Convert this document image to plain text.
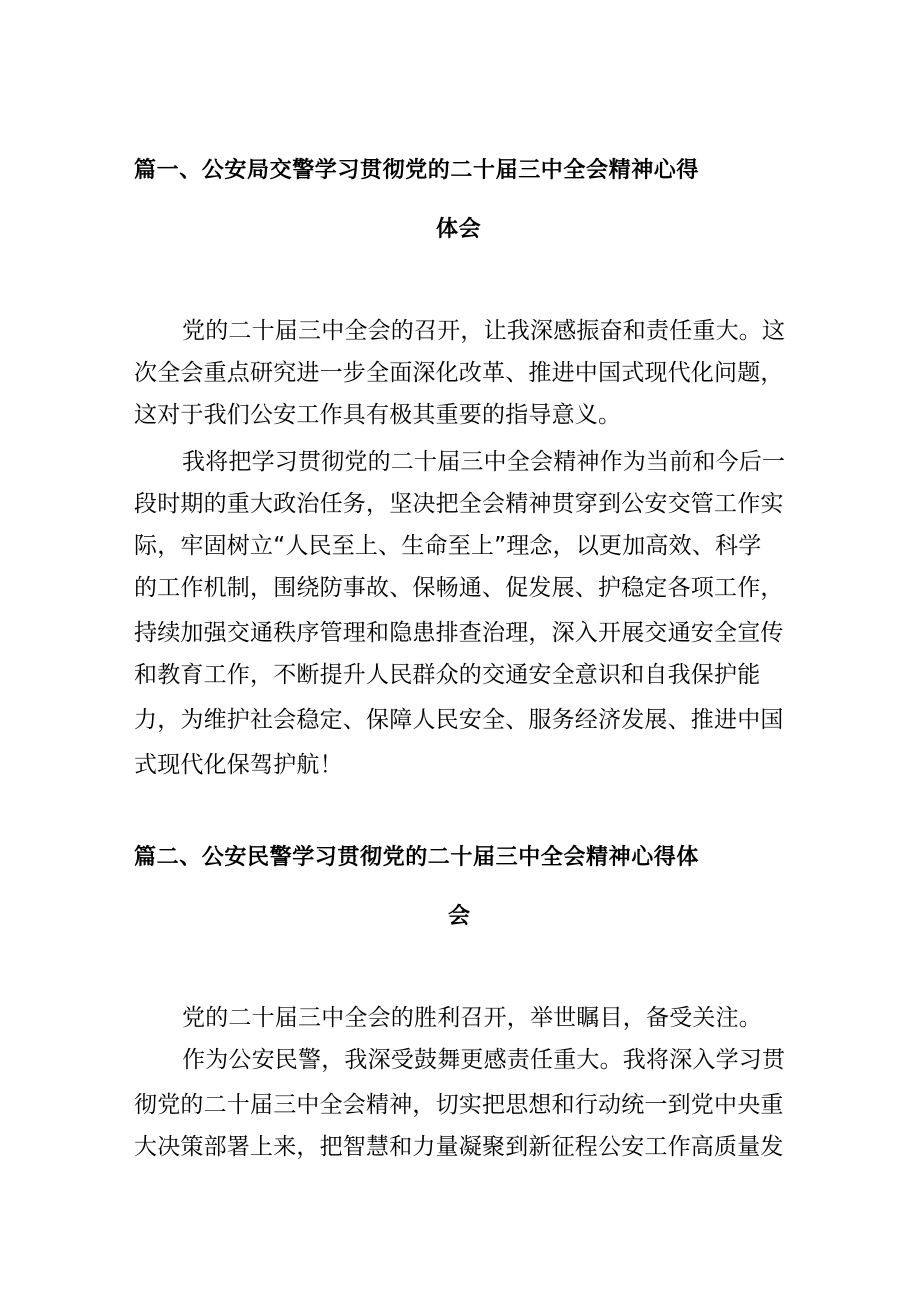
篇一、公安局交警学习贯彻党的二十届三中全会精神心得
体会
党的二十届三中全会的召开，让我深感振奋和责任重大。这
次全会重点研究进一步全面深化改革、推进中国式现代化问题，
这对于我们公安工作具有极其重要的指导意义。
我将把学习贯彻党的二十届三中全会精神作为当前和今后一
段时期的重大政治任务，坚决把全会精神贯穿到公安交管工作实
际，牢固树立“人民至上、生命至上”理念，以更加高效、科学
的工作机制，围绕防事故、保畅通、促发展、护稳定各项工作，
持续加强交通秩序管理和隐患排查治理，深入开展交通安全宣传
和教育工作，不断提升人民群众的交通安全意识和自我保护能
力，为维护社会稳定、保障人民安全、服务经济发展、推进中国
式现代化保驾护航！
篇二、公安民警学习贯彻党的二十届三中全会精神心得体
会
党的二十届三中全会的胜利召开，举世瞩目，备受关注。
作为公安民警，我深受鼓舞更感责任重大。我将深入学习贯
彻党的二十届三中全会精神，切实把思想和行动统一到党中央重
大决策部署上来，把智慧和力量凝聚到新征程公安工作高质量发
